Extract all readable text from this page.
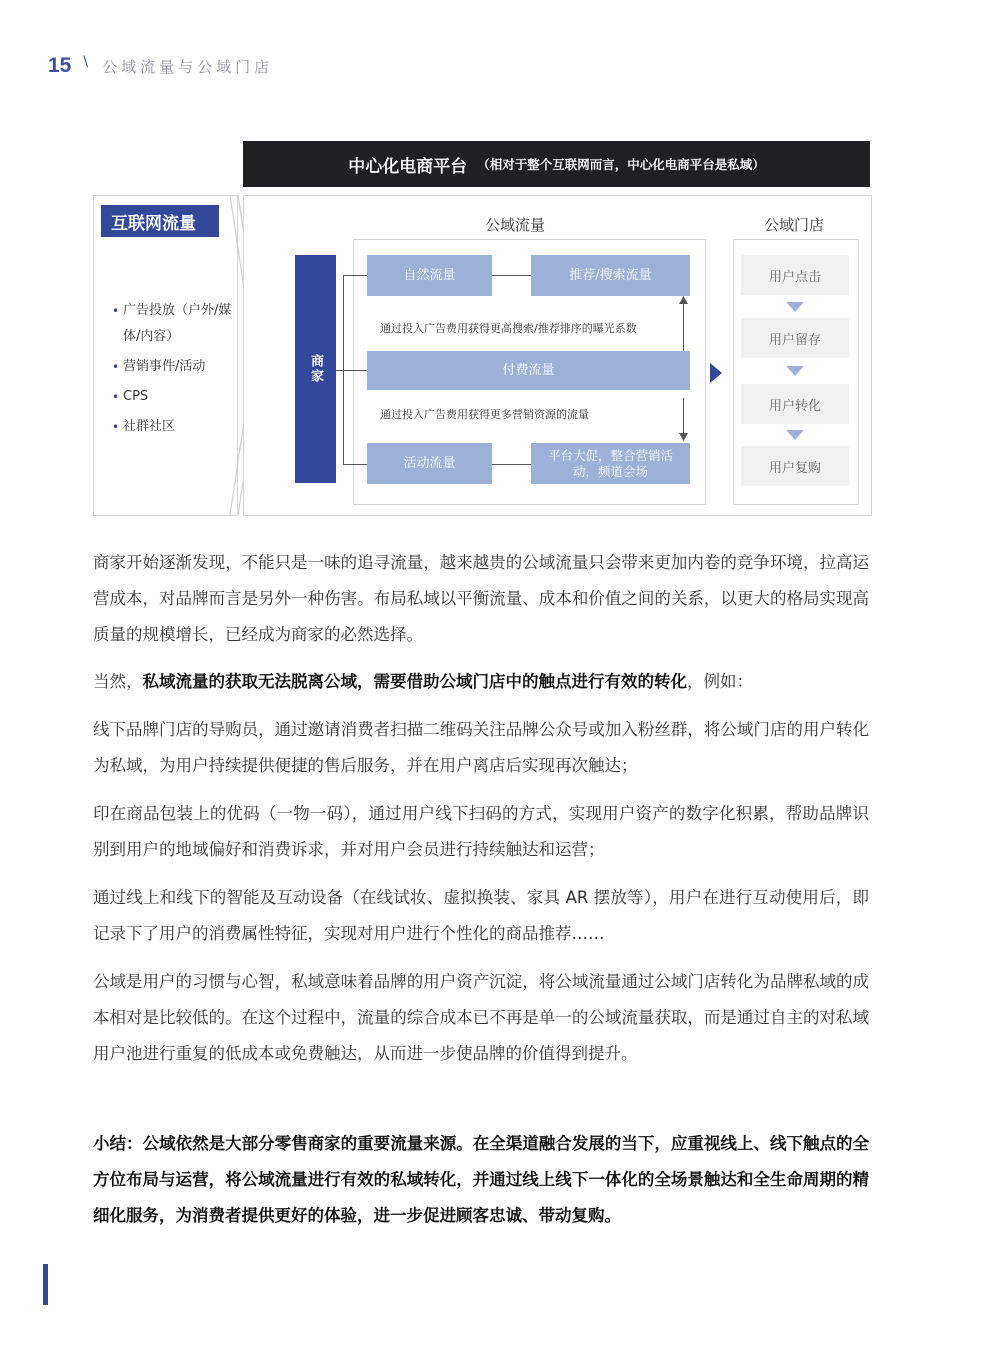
15 \ 公域流量与公域门店
中心化电商平台 （相对于整个互联网而言，中心化电商平台是私域）
互联网流量
• 广告投放（户外/媒体/内容）
• 营销事件/活动
• CPS
• 社群社区
公域流量	公域门店
商家
自然流量	推荐/搜索流量
通过投入广告费用获得更高搜索/推荐排序的曝光系数
付费流量
通过投入广告费用获得更多营销资源的流量
活动流量
平台大促，整合营销活动，频道会场
用户点击
用户留存
用户转化
用户复购

商家开始逐渐发现，不能只是一味的追寻流量，越来越贵的公域流量只会带来更加内卷的竞争环境，拉高运营成本，对品牌而言是另外一种伤害。布局私域以平衡流量、成本和价值之间的关系，以更大的格局实现高质量的规模增长，已经成为商家的必然选择。

当然，私域流量的获取无法脱离公域，需要借助公域门店中的触点进行有效的转化，例如：

线下品牌门店的导购员，通过邀请消费者扫描二维码关注品牌公众号或加入粉丝群，将公域门店的用户转化为私域，为用户持续提供便捷的售后服务，并在用户离店后实现再次触达；

印在商品包装上的优码（一物一码），通过用户线下扫码的方式，实现用户资产的数字化积累，帮助品牌识别到用户的地域偏好和消费诉求，并对用户会员进行持续触达和运营；

通过线上和线下的智能及互动设备（在线试妆、虚拟换装、家具 AR 摆放等），用户在进行互动使用后，即记录下了用户的消费属性特征，实现对用户进行个性化的商品推荐……

公域是用户的习惯与心智，私域意味着品牌的用户资产沉淀，将公域流量通过公域门店转化为品牌私域的成本相对是比较低的。在这个过程中，流量的综合成本已不再是单一的公域流量获取，而是通过自主的对私域用户池进行重复的低成本或免费触达，从而进一步使品牌的价值得到提升。

小结：公域依然是大部分零售商家的重要流量来源。在全渠道融合发展的当下，应重视线上、线下触点的全方位布局与运营，将公域流量进行有效的私域转化，并通过线上线下一体化的全场景触达和全生命周期的精细化服务，为消费者提供更好的体验，进一步促进顾客忠诚、带动复购。
